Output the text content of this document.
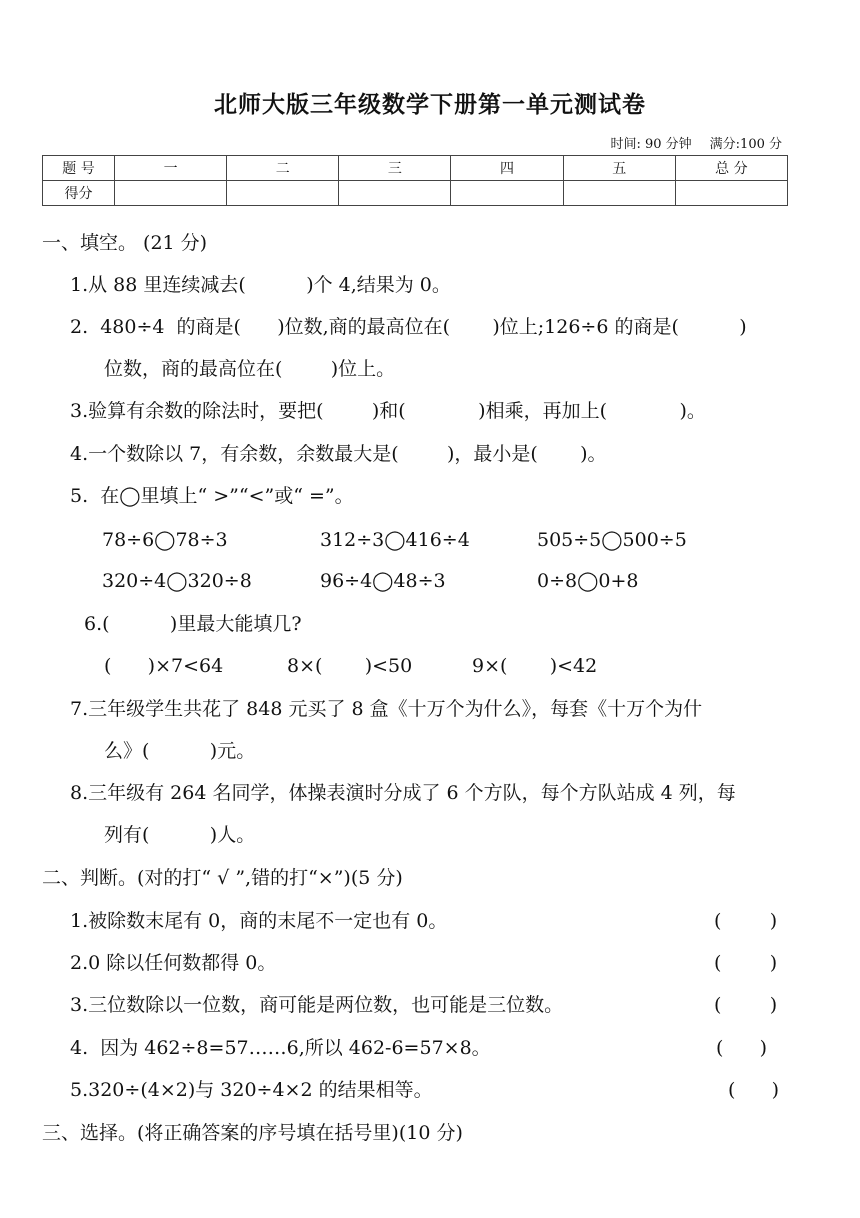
北师大版三年级数学下册第一单元测试卷
时间: 90 分钟 满分:100 分
题 号	一	二	三	四	五	总 分
得分						
一、填空。 (21 分)
1.从 88 里连续减去(          )个 4,结果为 0。
2.  480÷4  的商是(      )位数,商的最高位在(       )位上;126÷6 的商是(          )
位数，商的最高位在(        )位上。
3.验算有余数的除法时，要把(        )和(            )相乘，再加上(            )。
4.一个数除以 7，有余数，余数最大是(        )，最小是(       )。
5.  在◯里填上“ >”“<”或“ =”。
78÷6◯78÷3	312÷3◯416÷4	505÷5◯500÷5
320÷4◯320÷8	96÷4◯48÷3	0÷8◯0+8
6.(          )里最大能填几?
(      )×7<64	8×(       )<50	9×(       )<42
7.三年级学生共花了 848 元买了 8 盒《十万个为什么》，每套《十万个为什
么》(          )元。
8.三年级有 264 名同学，体操表演时分成了 6 个方队，每个方队站成 4 列，每
列有(          )人。
二、判断。(对的打“ √ ”,错的打“×”)(5 分)
1.被除数末尾有 0，商的末尾不一定也有 0。	(        )
2.0 除以任何数都得 0。	(        )
3.三位数除以一位数，商可能是两位数，也可能是三位数。	(        )
4.  因为 462÷8=57……6,所以 462-6=57×8。	(      )
5.320÷(4×2)与 320÷4×2 的结果相等。	(      )
三、选择。(将正确答案的序号填在括号里)(10 分)
